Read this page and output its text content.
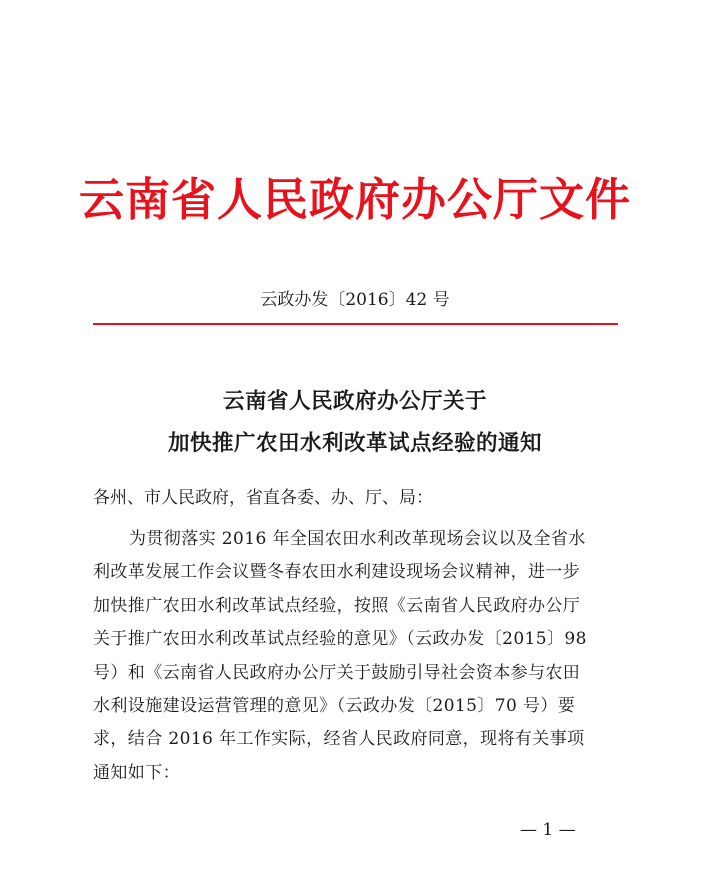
云南省人民政府办公厅文件
云政办发〔2016〕42 号
云南省人民政府办公厅关于
加快推广农田水利改革试点经验的通知
各州、市人民政府，省直各委、办、厅、局：
为贯彻落实 2016 年全国农田水利改革现场会议以及全省水
利改革发展工作会议暨冬春农田水利建设现场会议精神，进一步
加快推广农田水利改革试点经验，按照《云南省人民政府办公厅
关于推广农田水利改革试点经验的意见》（云政办发〔2015〕98
号）和《云南省人民政府办公厅关于鼓励引导社会资本参与农田
水利设施建设运营管理的意见》（云政办发〔2015〕70 号）要
求，结合 2016 年工作实际，经省人民政府同意，现将有关事项
通知如下：
— 1 —
